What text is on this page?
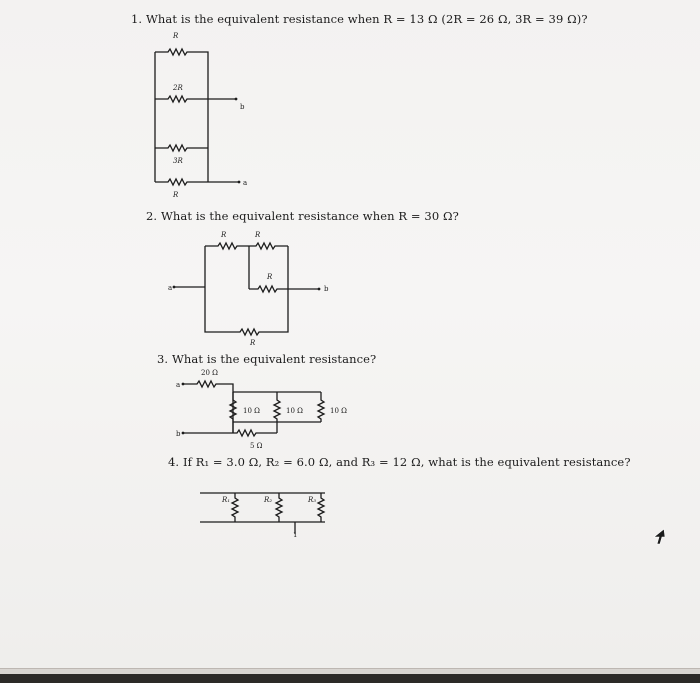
1. What is the equivalent resistance when R = 13 Ω (2R = 26 Ω, 3R = 39 Ω)?
R
2R
b
3R
a
R
2. What is the equivalent resistance when R = 30 Ω?
R	R
a
R
b
R
3. What is the equivalent resistance?
20 Ω
a
10 Ω	10 Ω	10 Ω
b
5 Ω
4. If R₁ = 3.0 Ω, R₂ = 6.0 Ω, and R₃ = 12 Ω, what is the equivalent resistance?
R₁	R₂	R₃
1
